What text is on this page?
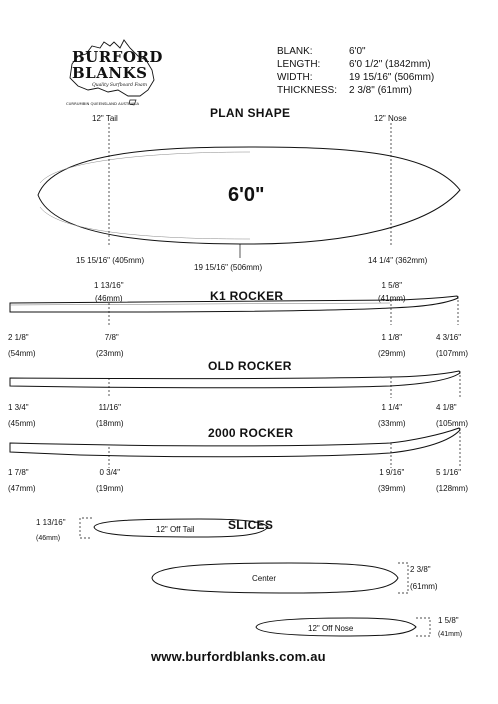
BURFORD
BLANKS
Quality Surfboard Foam
CURRUMBIN QUEENSLAND AUSTRALIA
BLANK:	6'0"
LENGTH:	6'0 1/2" (1842mm)
WIDTH:	19 15/16" (506mm)
THICKNESS:	2 3/8" (61mm)
PLAN SHAPE
12" Tail	12" Nose
6'0"
15 15/16" (405mm)
19 15/16" (506mm)
14 1/4" (362mm)
K1 ROCKER
1 13/16"
(46mm)
1 5/8"
(41mm)
2 1/8"
(54mm)
7/8"
(23mm)
1 1/8"
(29mm)
4 3/16"
(107mm)
OLD ROCKER
1 3/4"
(45mm)
11/16"
(18mm)
1 1/4"
(33mm)
4 1/8"
(105mm)
2000 ROCKER
1 7/8"
(47mm)
0 3/4"
(19mm)
1 9/16"
(39mm)
5 1/16"
(128mm)
SLICES
12" Off Tail
1 13/16"
(46mm)
Center
2 3/8"
(61mm)
12" Off Nose
1 5/8"
(41mm)
www.burfordblanks.com.au
